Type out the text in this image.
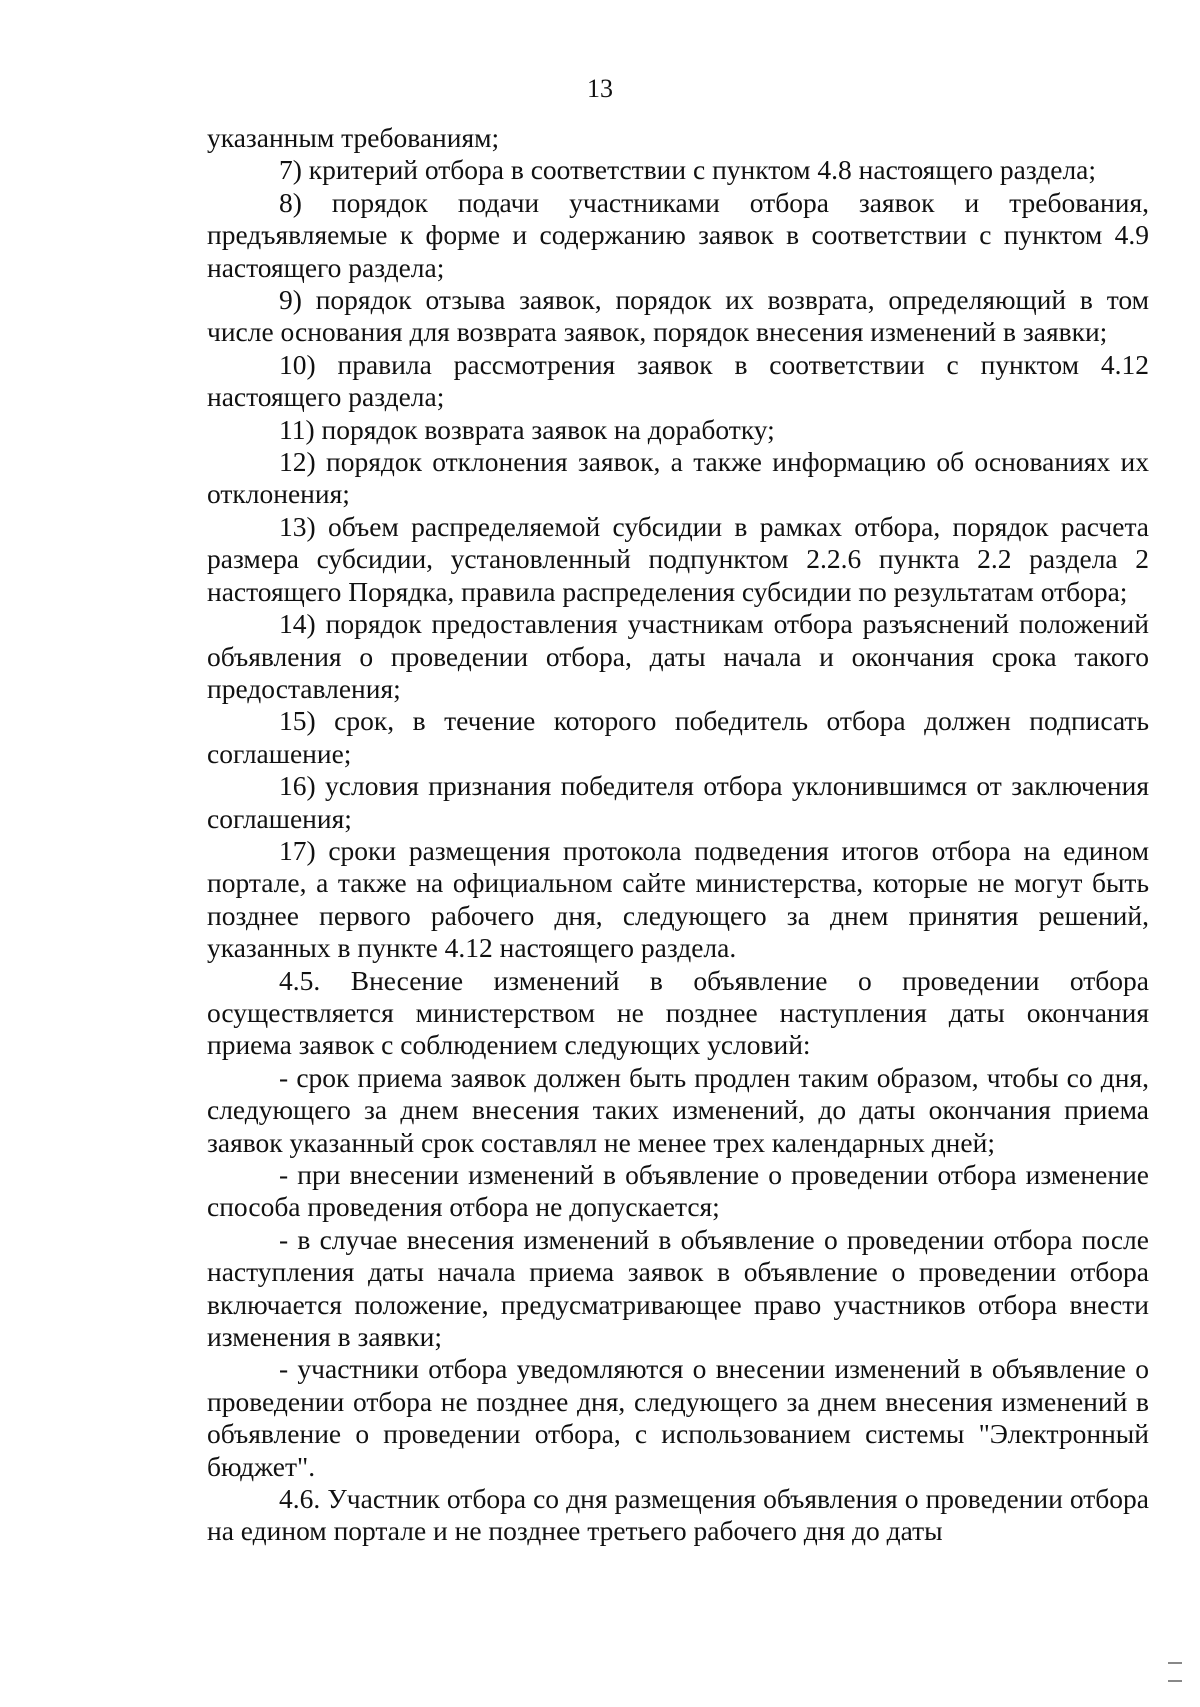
13

указанным требованиям;

7) критерий отбора в соответствии с пунктом 4.8 настоящего раздела;

8) порядок подачи участниками отбора заявок и требования, предъявляемые к форме и содержанию заявок в соответствии с пунктом 4.9 настоящего раздела;

9) порядок отзыва заявок, порядок их возврата, определяющий в том числе основания для возврата заявок, порядок внесения изменений в заявки;

10) правила рассмотрения заявок в соответствии с пунктом 4.12 настоящего раздела;

11) порядок возврата заявок на доработку;

12) порядок отклонения заявок, а также информацию об основаниях их отклонения;

13) объем распределяемой субсидии в рамках отбора, порядок расчета размера субсидии, установленный подпунктом 2.2.6 пункта 2.2 раздела 2 настоящего Порядка, правила распределения субсидии по результатам отбора;

14) порядок предоставления участникам отбора разъяснений положений объявления о проведении отбора, даты начала и окончания срока такого предоставления;

15) срок, в течение которого победитель отбора должен подписать соглашение;

16) условия признания победителя отбора уклонившимся от заключения соглашения;

17) сроки размещения протокола подведения итогов отбора на едином портале, а также на официальном сайте министерства, которые не могут быть позднее первого рабочего дня, следующего за днем принятия решений, указанных в пункте 4.12 настоящего раздела.

4.5. Внесение изменений в объявление о проведении отбора осуществляется министерством не позднее наступления даты окончания приема заявок с соблюдением следующих условий:

- срок приема заявок должен быть продлен таким образом, чтобы со дня, следующего за днем внесения таких изменений, до даты окончания приема заявок указанный срок составлял не менее трех календарных дней;

- при внесении изменений в объявление о проведении отбора изменение способа проведения отбора не допускается;

- в случае внесения изменений в объявление о проведении отбора после наступления даты начала приема заявок в объявление о проведении отбора включается положение, предусматривающее право участников отбора внести изменения в заявки;

- участники отбора уведомляются о внесении изменений в объявление о проведении отбора не позднее дня, следующего за днем внесения изменений в объявление о проведении отбора, с использованием системы "Электронный бюджет".

4.6. Участник отбора со дня размещения объявления о проведении отбора на едином портале и не позднее третьего рабочего дня до даты
